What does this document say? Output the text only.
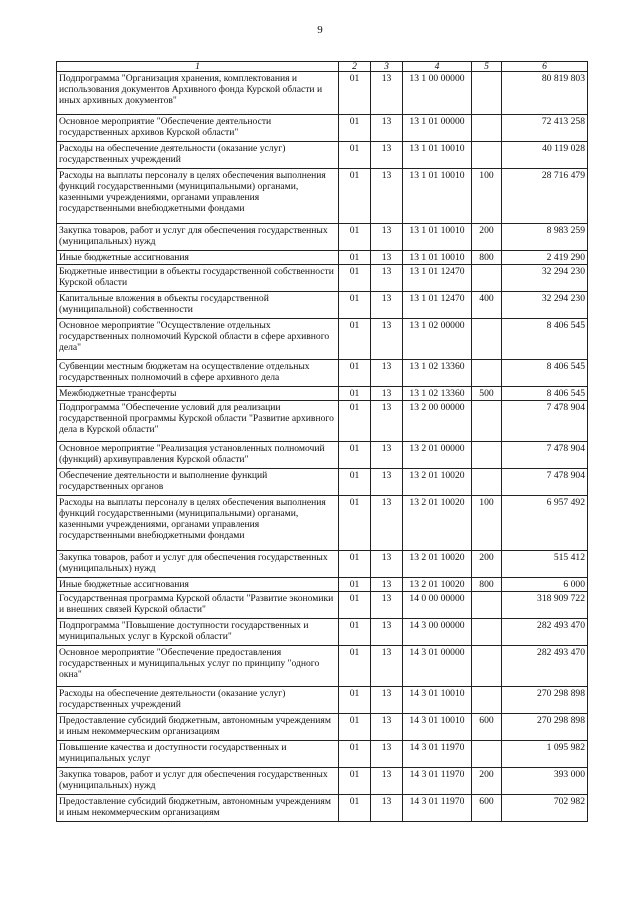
9
1	2	3	4	5	6
Подпрограмма "Организация хранения, комплектования и использования документов Архивного фонда Курской области и иных архивных документов"	01	13	13 1 00 00000		80 819 803
Основное мероприятие "Обеспечение деятельности государственных архивов Курской области"	01	13	13 1 01 00000		72 413 258
Расходы на обеспечение деятельности (оказание услуг) государственных учреждений	01	13	13 1 01 10010		40 119 028
Расходы на выплаты персоналу в целях обеспечения выполнения функций государственными (муниципальными) органами, казенными учреждениями, органами управления государственными внебюджетными фондами	01	13	13 1 01 10010	100	28 716 479
Закупка товаров, работ и услуг для обеспечения государственных (муниципальных) нужд	01	13	13 1 01 10010	200	8 983 259
Иные бюджетные ассигнования	01	13	13 1 01 10010	800	2 419 290
Бюджетные инвестиции в объекты государственной собственности Курской области	01	13	13 1 01 12470		32 294 230
Капитальные вложения в объекты государственной (муниципальной) собственности	01	13	13 1 01 12470	400	32 294 230
Основное мероприятие "Осуществление отдельных государственных полномочий Курской области в сфере архивного дела"	01	13	13 1 02 00000		8 406 545
Субвенции местным бюджетам на осуществление отдельных государственных полномочий в сфере архивного дела	01	13	13 1 02 13360		8 406 545
Межбюджетные трансферты	01	13	13 1 02 13360	500	8 406 545
Подпрограмма "Обеспечение условий для реализации государственной программы Курской области "Развитие архивного дела в Курской области"	01	13	13 2 00 00000		7 478 904
Основное мероприятие "Реализация установленных полномочий (функций) архивуправления Курской области"	01	13	13 2 01 00000		7 478 904
Обеспечение деятельности и выполнение функций государственных органов	01	13	13 2 01 10020		7 478 904
Расходы на выплаты персоналу в целях обеспечения выполнения функций государственными (муниципальными) органами, казенными учреждениями, органами управления государственными внебюджетными фондами	01	13	13 2 01 10020	100	6 957 492
Закупка товаров, работ и услуг для обеспечения государственных (муниципальных) нужд	01	13	13 2 01 10020	200	515 412
Иные бюджетные ассигнования	01	13	13 2 01 10020	800	6 000
Государственная программа Курской области "Развитие экономики и внешних связей Курской области"	01	13	14 0 00 00000		318 909 722
Подпрограмма "Повышение доступности государственных и муниципальных услуг в Курской области"	01	13	14 3 00 00000		282 493 470
Основное мероприятие "Обеспечение предоставления государственных и муниципальных услуг по принципу "одного окна"	01	13	14 3 01 00000		282 493 470
Расходы на обеспечение деятельности (оказание услуг) государственных учреждений	01	13	14 3 01 10010		270 298 898
Предоставление субсидий бюджетным, автономным учреждениям и иным некоммерческим организациям	01	13	14 3 01 10010	600	270 298 898
Повышение качества и доступности государственных и муниципальных услуг	01	13	14 3 01 11970		1 095 982
Закупка товаров, работ и услуг для обеспечения государственных (муниципальных) нужд	01	13	14 3 01 11970	200	393 000
Предоставление субсидий бюджетным, автономным учреждениям и иным некоммерческим организациям	01	13	14 3 01 11970	600	702 982
